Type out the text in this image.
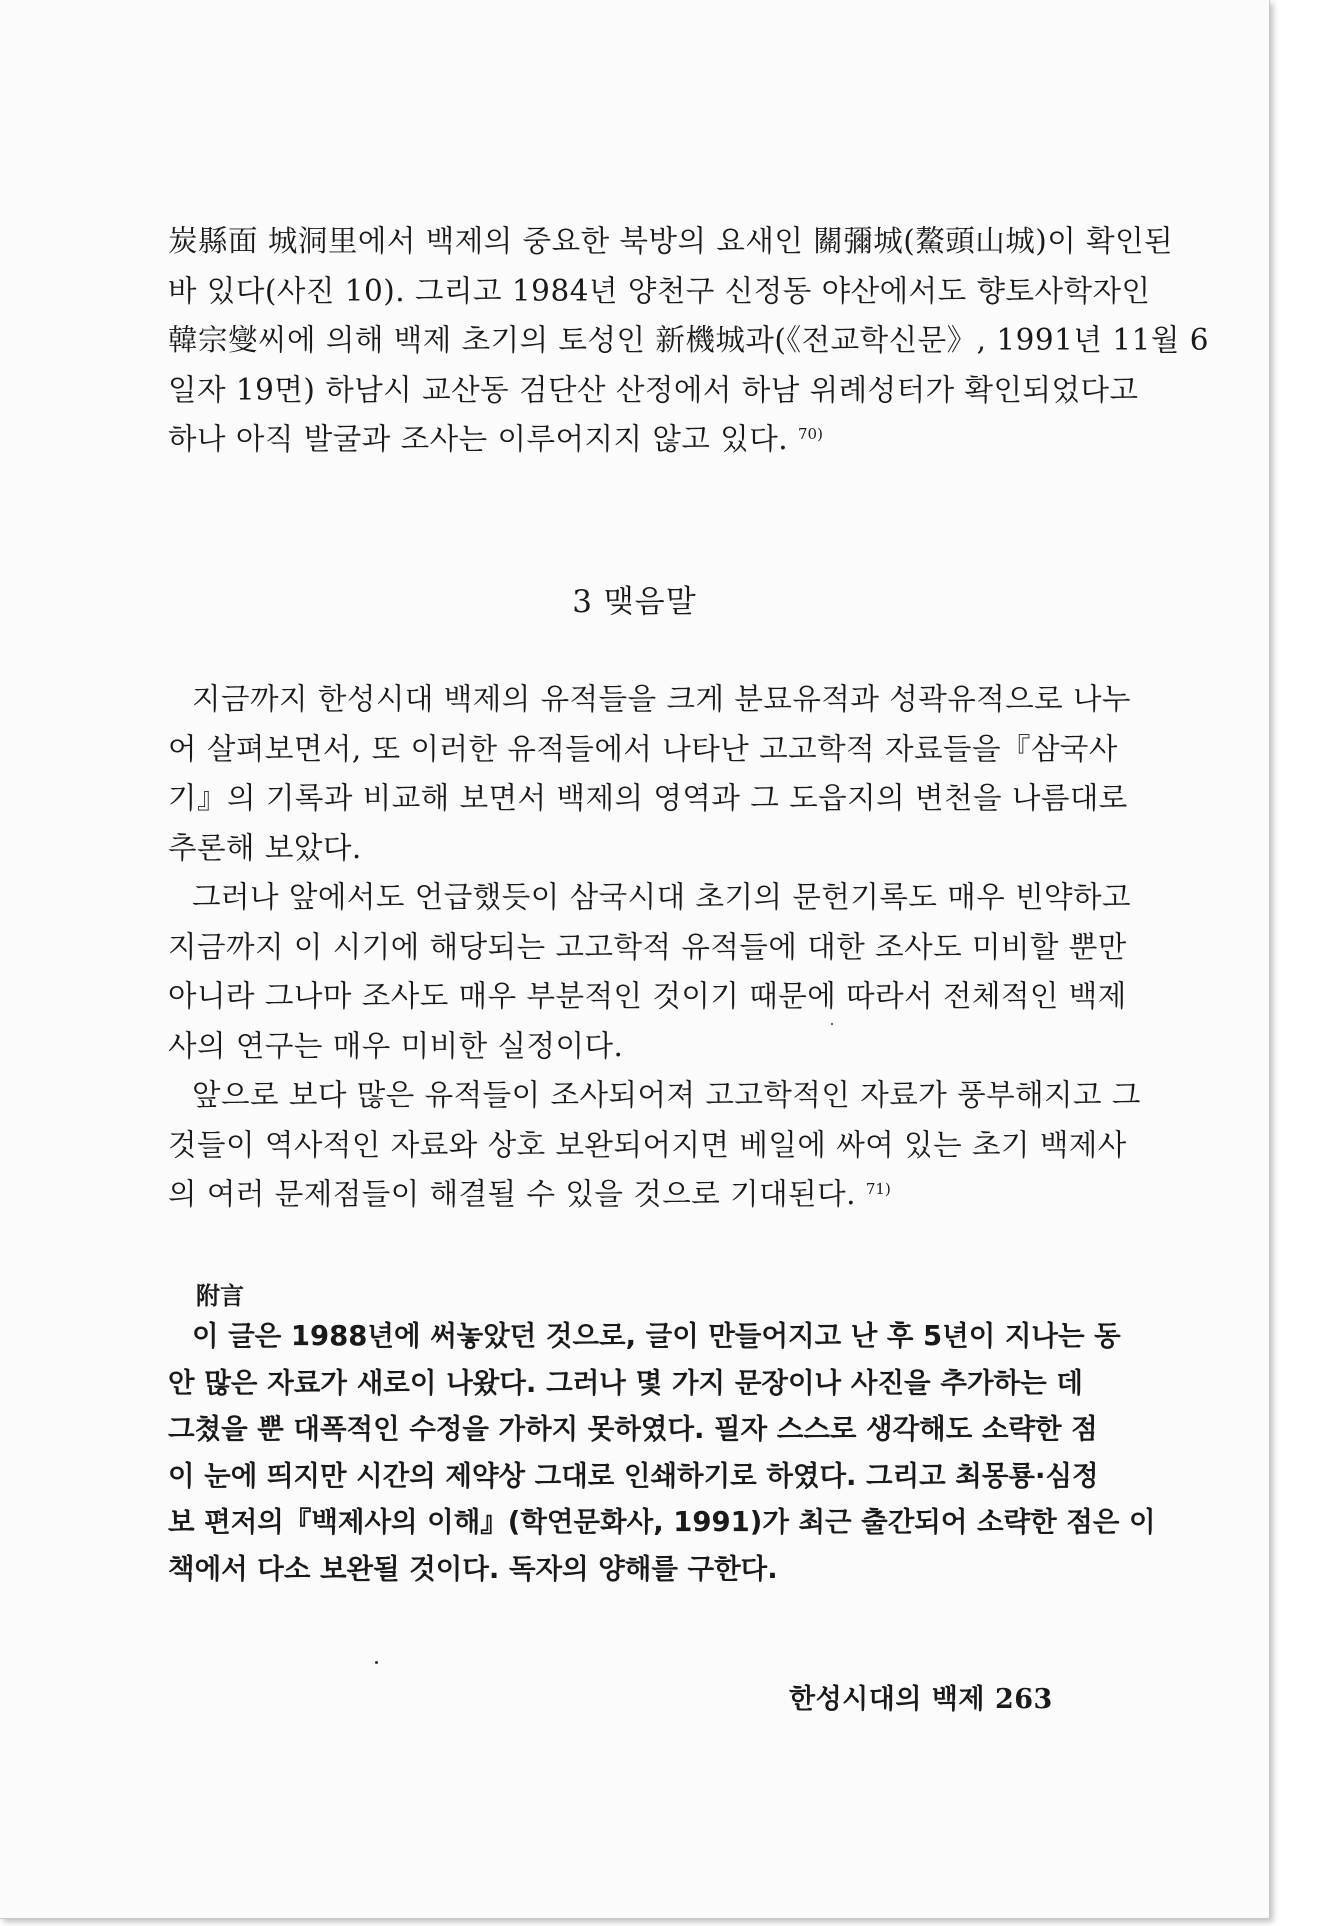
炭縣面 城洞里에서 백제의 중요한 북방의 요새인 關彌城(鰲頭山城)이 확인된
바 있다(사진 10). 그리고 1984년 양천구 신정동 야산에서도 향토사학자인
韓宗燮씨에 의해 백제 초기의 토성인 新機城과(《전교학신문》, 1991년 11월 6
일자 19면) 하남시 교산동 검단산 산정에서 하남 위례성터가 확인되었다고
하나 아직 발굴과 조사는 이루어지지 않고 있다. $^{70)}$
3 맺음말
지금까지 한성시대 백제의 유적들을 크게 분묘유적과 성곽유적으로 나누
어 살펴보면서, 또 이러한 유적들에서 나타난 고고학적 자료들을『삼국사
기』의 기록과 비교해 보면서 백제의 영역과 그 도읍지의 변천을 나름대로
추론해 보았다.
그러나 앞에서도 언급했듯이 삼국시대 초기의 문헌기록도 매우 빈약하고
지금까지 이 시기에 해당되는 고고학적 유적들에 대한 조사도 미비할 뿐만
아니라 그나마 조사도 매우 부분적인 것이기 때문에 따라서 전체적인 백제
사의 연구는 매우 미비한 실정이다.
앞으로 보다 많은 유적들이 조사되어져 고고학적인 자료가 풍부해지고 그
것들이 역사적인 자료와 상호 보완되어지면 베일에 싸여 있는 초기 백제사
의 여러 문제점들이 해결될 수 있을 것으로 기대된다. $^{71)}$
附言
이 글은 1988년에 써놓았던 것으로, 글이 만들어지고 난 후 5년이 지나는 동
안 많은 자료가 새로이 나왔다. 그러나 몇 가지 문장이나 사진을 추가하는 데
그쳤을 뿐 대폭적인 수정을 가하지 못하였다. 필자 스스로 생각해도 소략한 점
이 눈에 띄지만 시간의 제약상 그대로 인쇄하기로 하였다. 그리고 최몽룡·심정
보 편저의『백제사의 이해』(학연문화사, 1991)가 최근 출간되어 소략한 점은 이
책에서 다소 보완될 것이다. 독자의 양해를 구한다.
한성시대의 백제 263
